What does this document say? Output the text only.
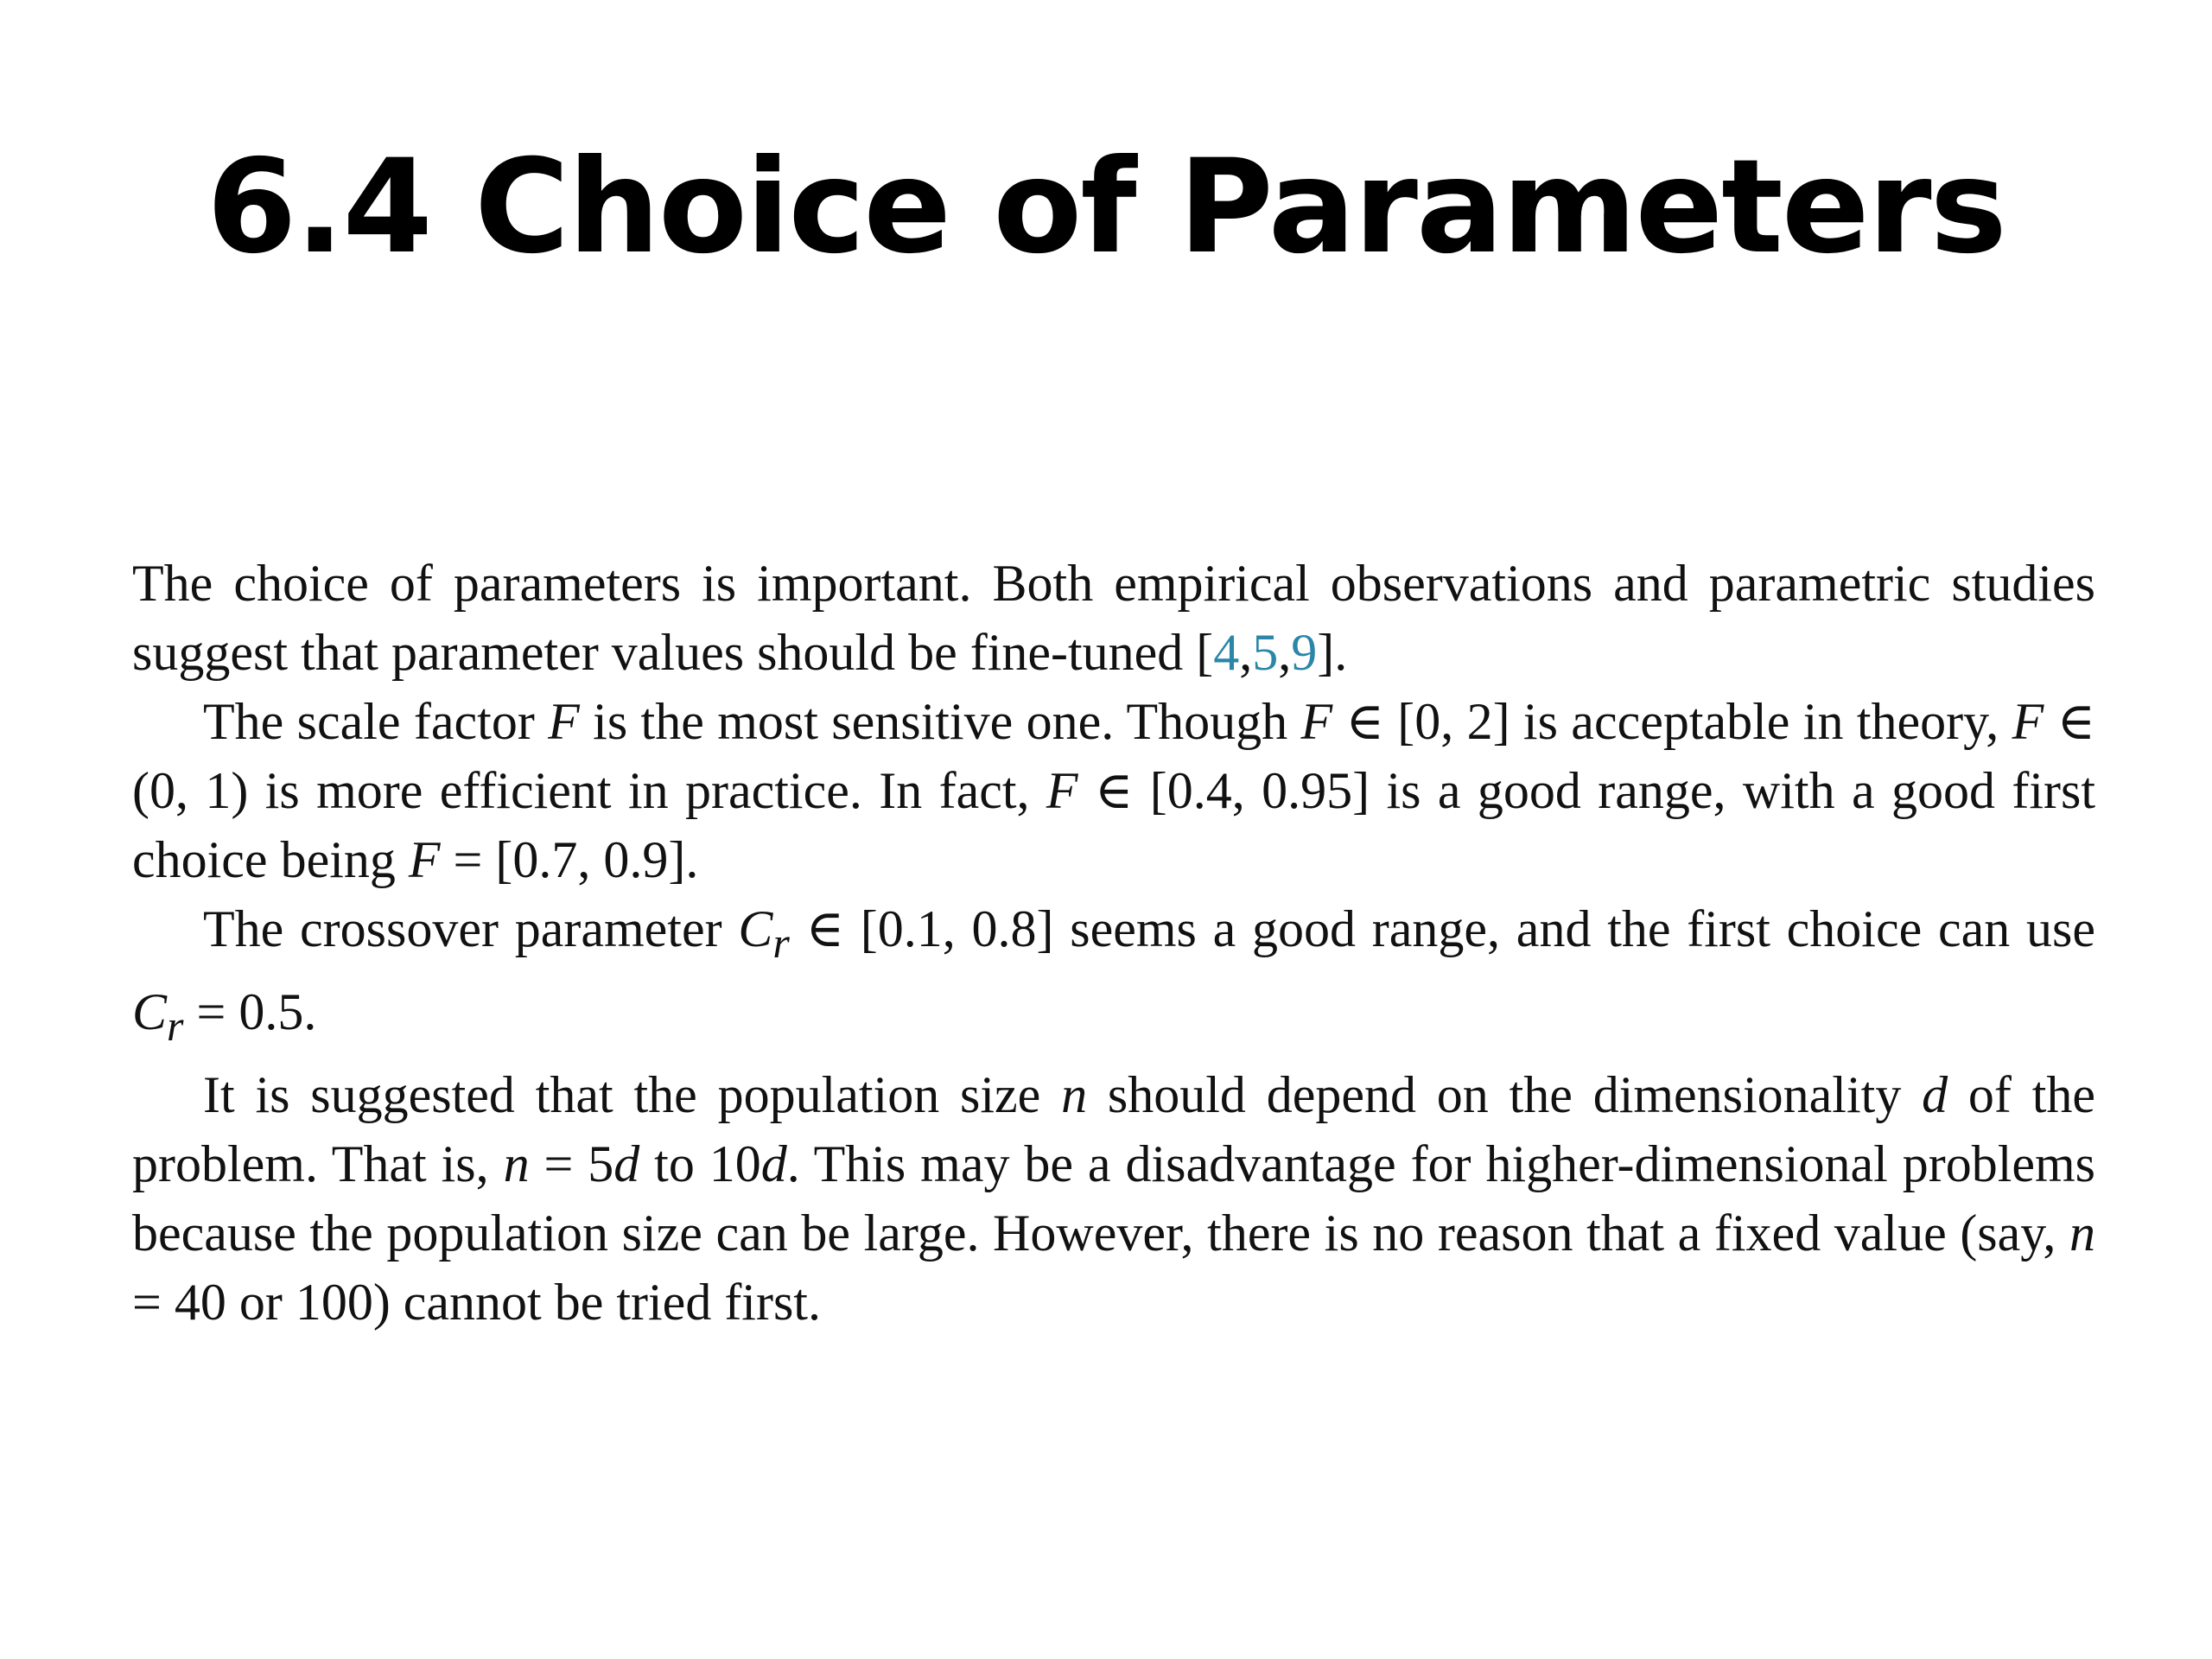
6.4 Choice of Parameters

The choice of parameters is important. Both empirical observations and parametric studies suggest that parameter values should be fine-tuned [4,5,9].

The scale factor F is the most sensitive one. Though F ∈ [0, 2] is acceptable in theory, F ∈ (0, 1) is more efficient in practice. In fact, F ∈ [0.4, 0.95] is a good range, with a good first choice being F = [0.7, 0.9].

The crossover parameter $C_r$ ∈ [0.1, 0.8] seems a good range, and the first choice can use $C_r = 0.5$.

It is suggested that the population size n should depend on the dimensionality d of the problem. That is, n = 5d to 10d. This may be a disadvantage for higher-dimensional problems because the population size can be large. However, there is no reason that a fixed value (say, n = 40 or 100) cannot be tried first.
